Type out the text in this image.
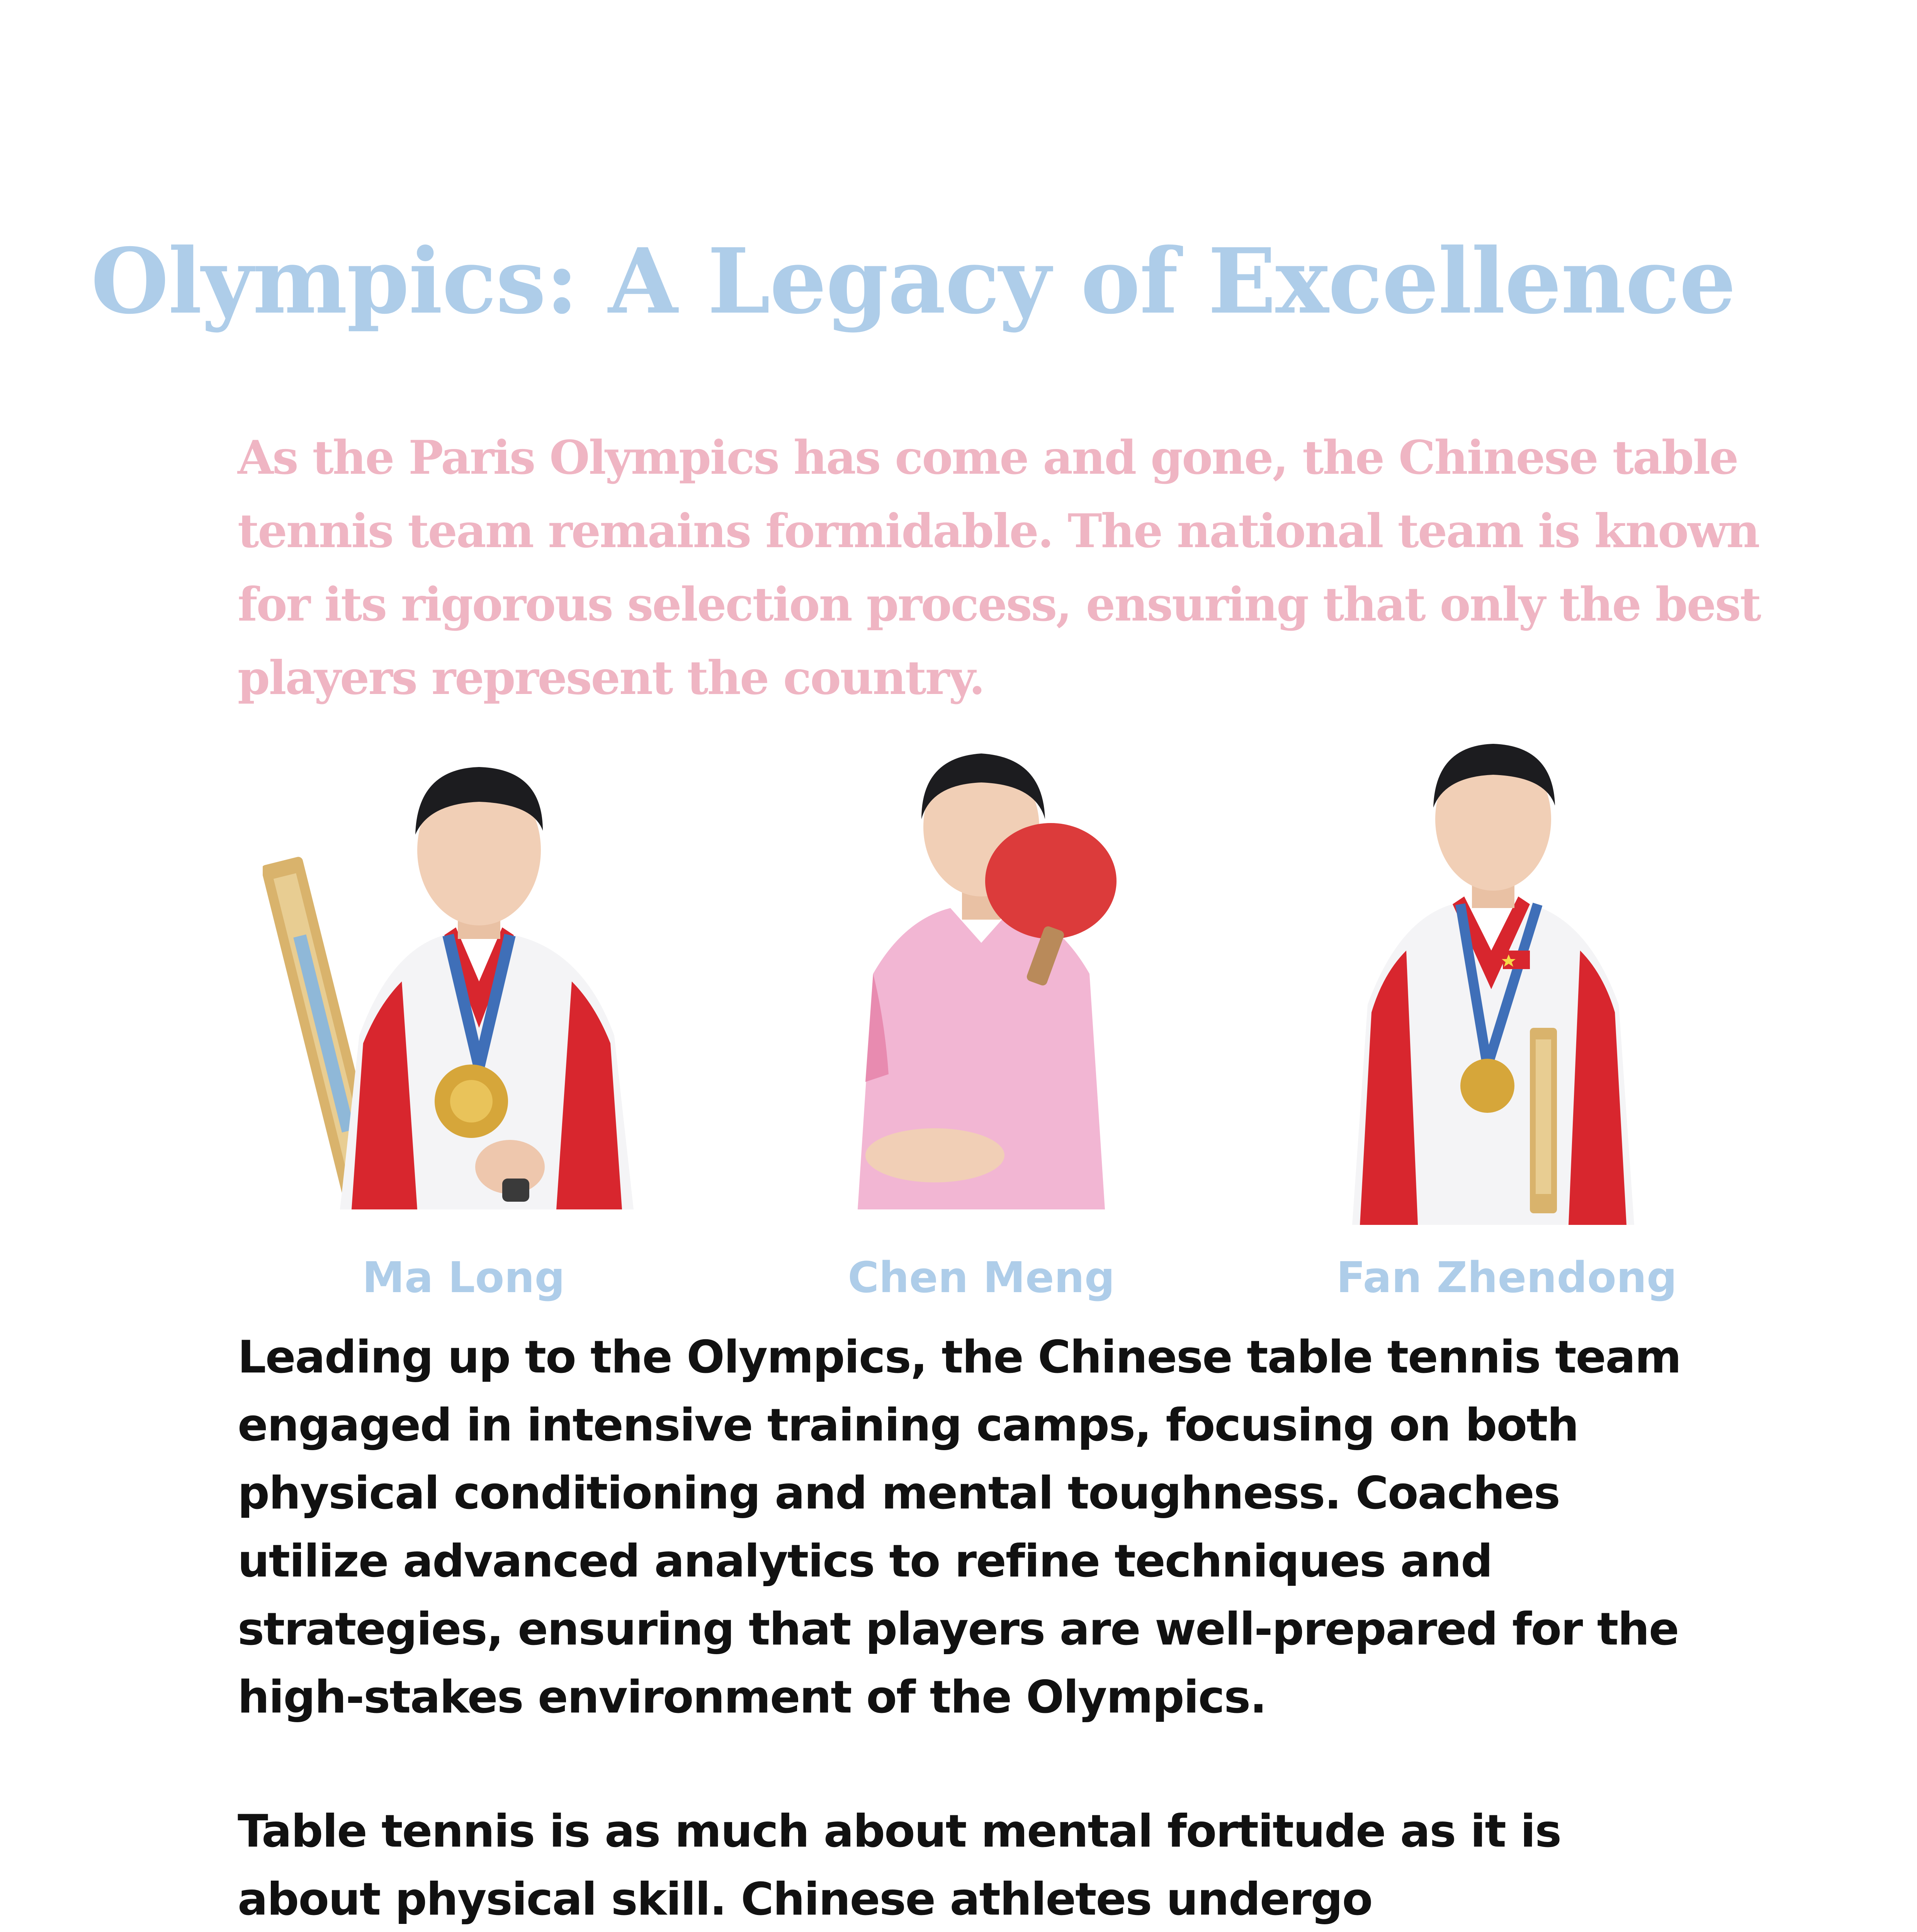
Olympics: A Legacy of Excellence

As the Paris Olympics has come and gone, the Chinese table tennis team remains formidable. The national team is known for its rigorous selection process, ensuring that only the best players represent the country.

Ma Long	Chen Meng	Fan Zhendong

Leading up to the Olympics, the Chinese table tennis team engaged in intensive training camps, focusing on both physical conditioning and mental toughness. Coaches utilize advanced analytics to refine techniques and strategies, ensuring that players are well-prepared for the high-stakes environment of the Olympics.

Table tennis is as much about mental fortitude as it is about physical skill. Chinese athletes undergo
